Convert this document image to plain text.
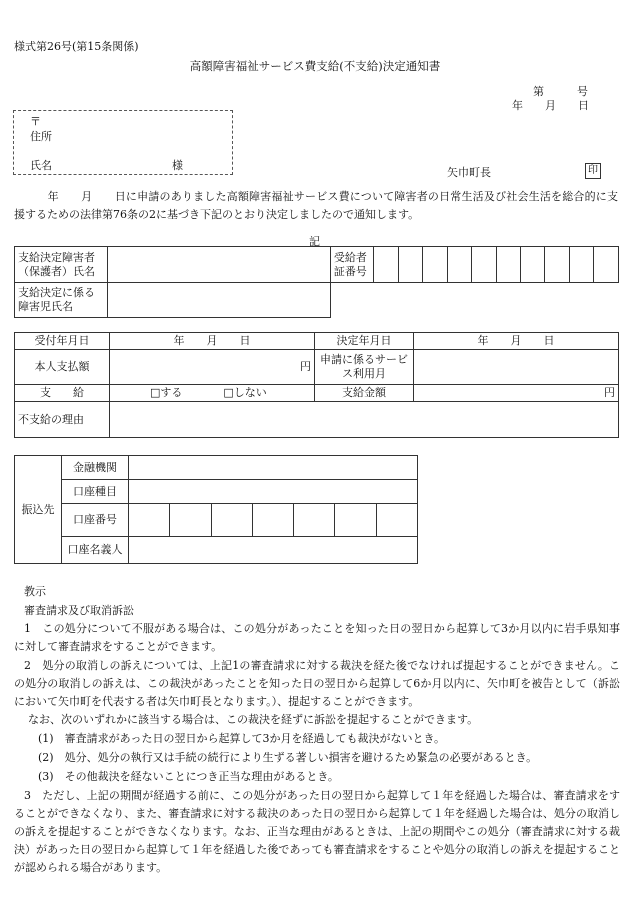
様式第26号(第15条関係)
高額障害福祉サービス費支給(不支給)決定通知書
第　　　号
年　　月　　日
〒
住所
氏名	様
矢巾町長	印
　　　年　　月　　日に申請のありました高額障害福祉サービス費について障害者の日常生活及び社会生活を総合的に支援するための法律第76条の2に基づき下記のとおり決定しましたので通知します。
記
支給決定障害者（保護者）氏名		受給者証番号										
支給決定に係る障害児氏名												
受付年月日	年　　月　　日	決定年月日	年　　月　　日
本人支払額	円	申請に係るサービス利用月	
支　　給	□する □しない	支給金額	円
不支給の理由			
振込先	金融機関							
	口座種目							
	口座番号							
	口座名義人							
教示
審査請求及び取消訴訟
1　この処分について不服がある場合は、この処分があったことを知った日の翌日から起算して3か月以内に岩手県知事に対して審査請求をすることができます。
2　処分の取消しの訴えについては、上記1の審査請求に対する裁決を経た後でなければ提起することができません。この処分の取消しの訴えは、この裁決があったことを知った日の翌日から起算して6か月以内に、矢巾町を被告として（訴訟において矢巾町を代表する者は矢巾町長となります。）、提起することができます。
なお、次のいずれかに該当する場合は、この裁決を経ずに訴訟を提起することができます。
(1)　審査請求があった日の翌日から起算して3か月を経過しても裁決がないとき。
(2)　処分、処分の執行又は手続の続行により生ずる著しい損害を避けるため緊急の必要があるとき。
(3)　その他裁決を経ないことにつき正当な理由があるとき。
3　ただし、上記の期間が経過する前に、この処分があった日の翌日から起算して１年を経過した場合は、審査請求をすることができなくなり、また、審査請求に対する裁決のあった日の翌日から起算して１年を経過した場合は、処分の取消しの訴えを提起することができなくなります。なお、正当な理由があるときは、上記の期間やこの処分（審査請求に対する裁決）があった日の翌日から起算して１年を経過した後であっても審査請求をすることや処分の取消しの訴えを提起することが認められる場合があります。
